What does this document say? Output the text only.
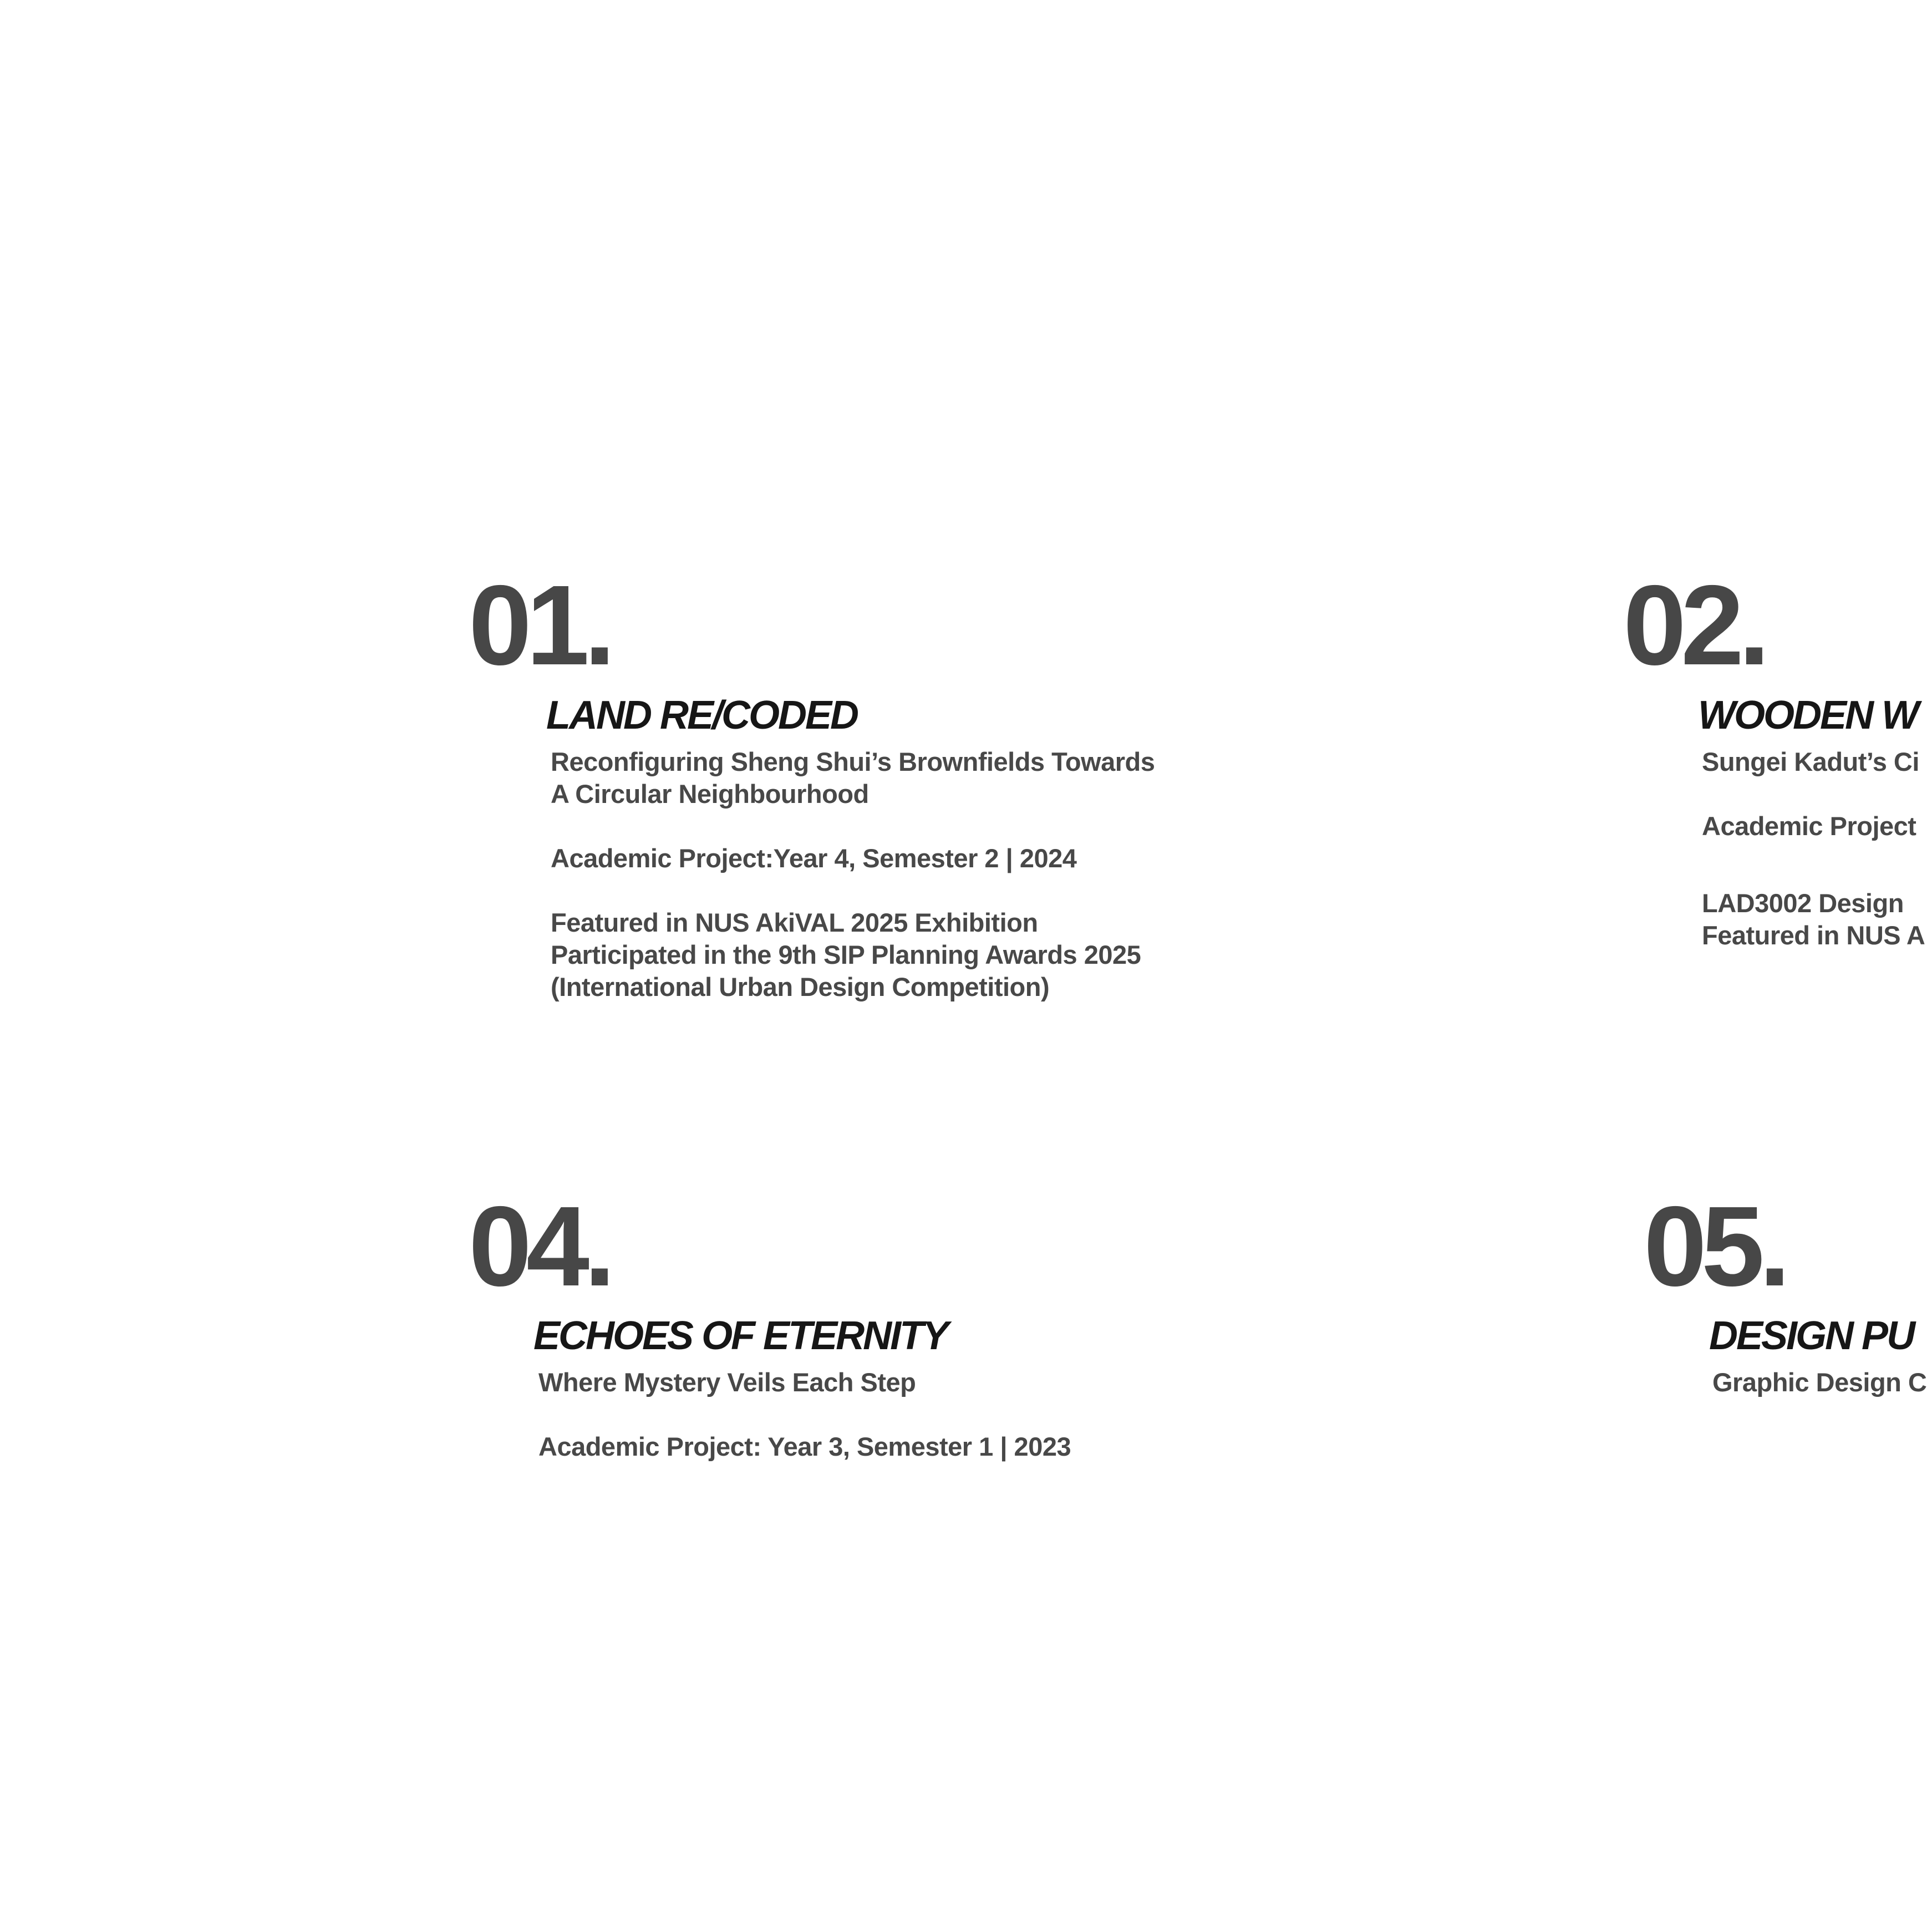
01.
LAND RE/CODED
Reconfiguring Sheng Shui’s Brownfields Towards
A Circular Neighbourhood
Academic Project:Year 4, Semester 2 | 2024
Featured in NUS AkiVAL 2025 Exhibition
Participated in the 9th SIP Planning Awards 2025
(International Urban Design Competition)
02.
WOODEN W
Sungei Kadut’s Ci
Academic Project
LAD3002 Design
Featured in NUS A
04.
ECHOES OF ETERNITY
Where Mystery Veils Each Step
Academic Project: Year 3, Semester 1 | 2023
05.
DESIGN PU
Graphic Design C
